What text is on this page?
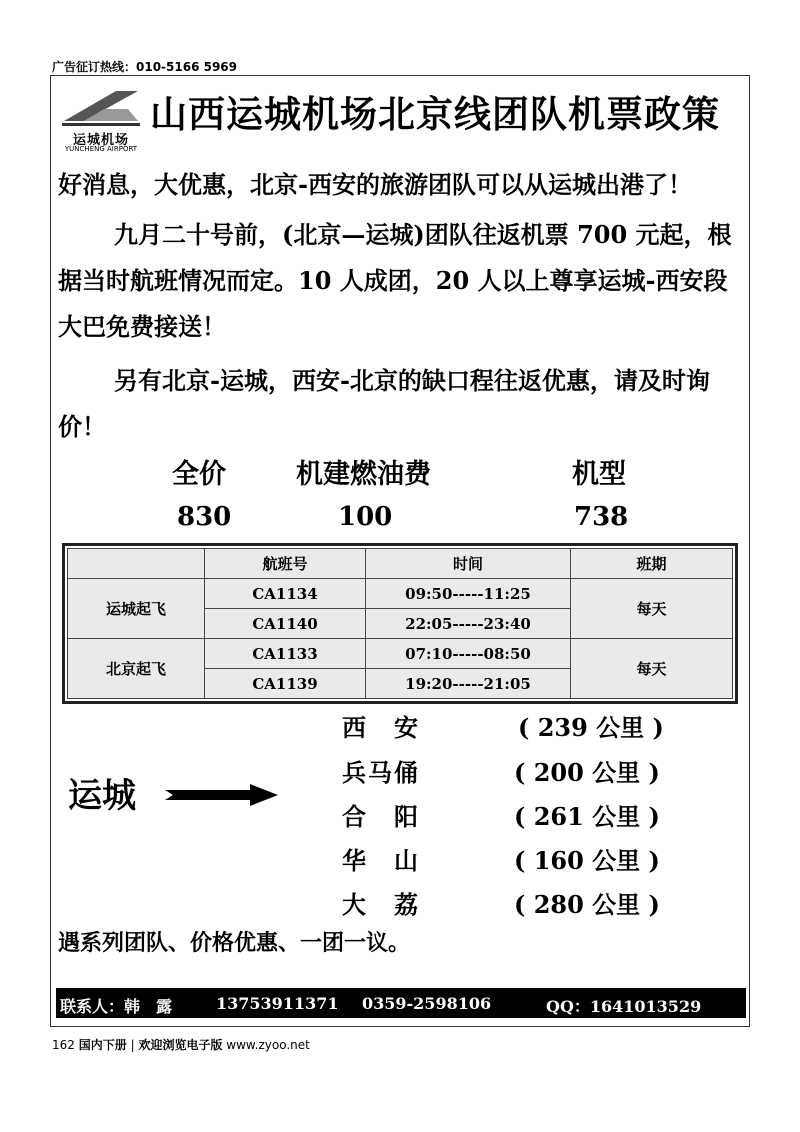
广告征订热线：010-5166 5969
运城机场
YUNCHENG AIRPORT
山西运城机场北京线团队机票政策
好消息，大优惠，北京-西安的旅游团队可以从运城出港了！
九月二十号前，(北京—运城)团队往返机票 700 元起，根据当时航班情况而定。10 人成团，20 人以上尊享运城-西安段 大巴免费接送！
另有北京-运城，西安-北京的缺口程往返优惠，请及时询价！
全价	机建燃油费	机型
830	100	738
	航班号	时间	班期
运城起飞	CA1134	09:50-----11:25	每天
	CA1140	22:05-----23:40	
北京起飞	CA1133	07:10-----08:50	每天
	CA1139	19:20-----21:05	
运城
西　安	( 239 公里 )
兵马俑	( 200 公里 )
合　阳	( 261 公里 )
华　山	( 160 公里 )
大　荔	( 280 公里 )
遇系列团队、价格优惠、一团一议。
联系人：韩　露	13753911371 0359-2598106	QQ：1641013529
162 国内下册 | 欢迎浏览电子版 www.zyoo.net
